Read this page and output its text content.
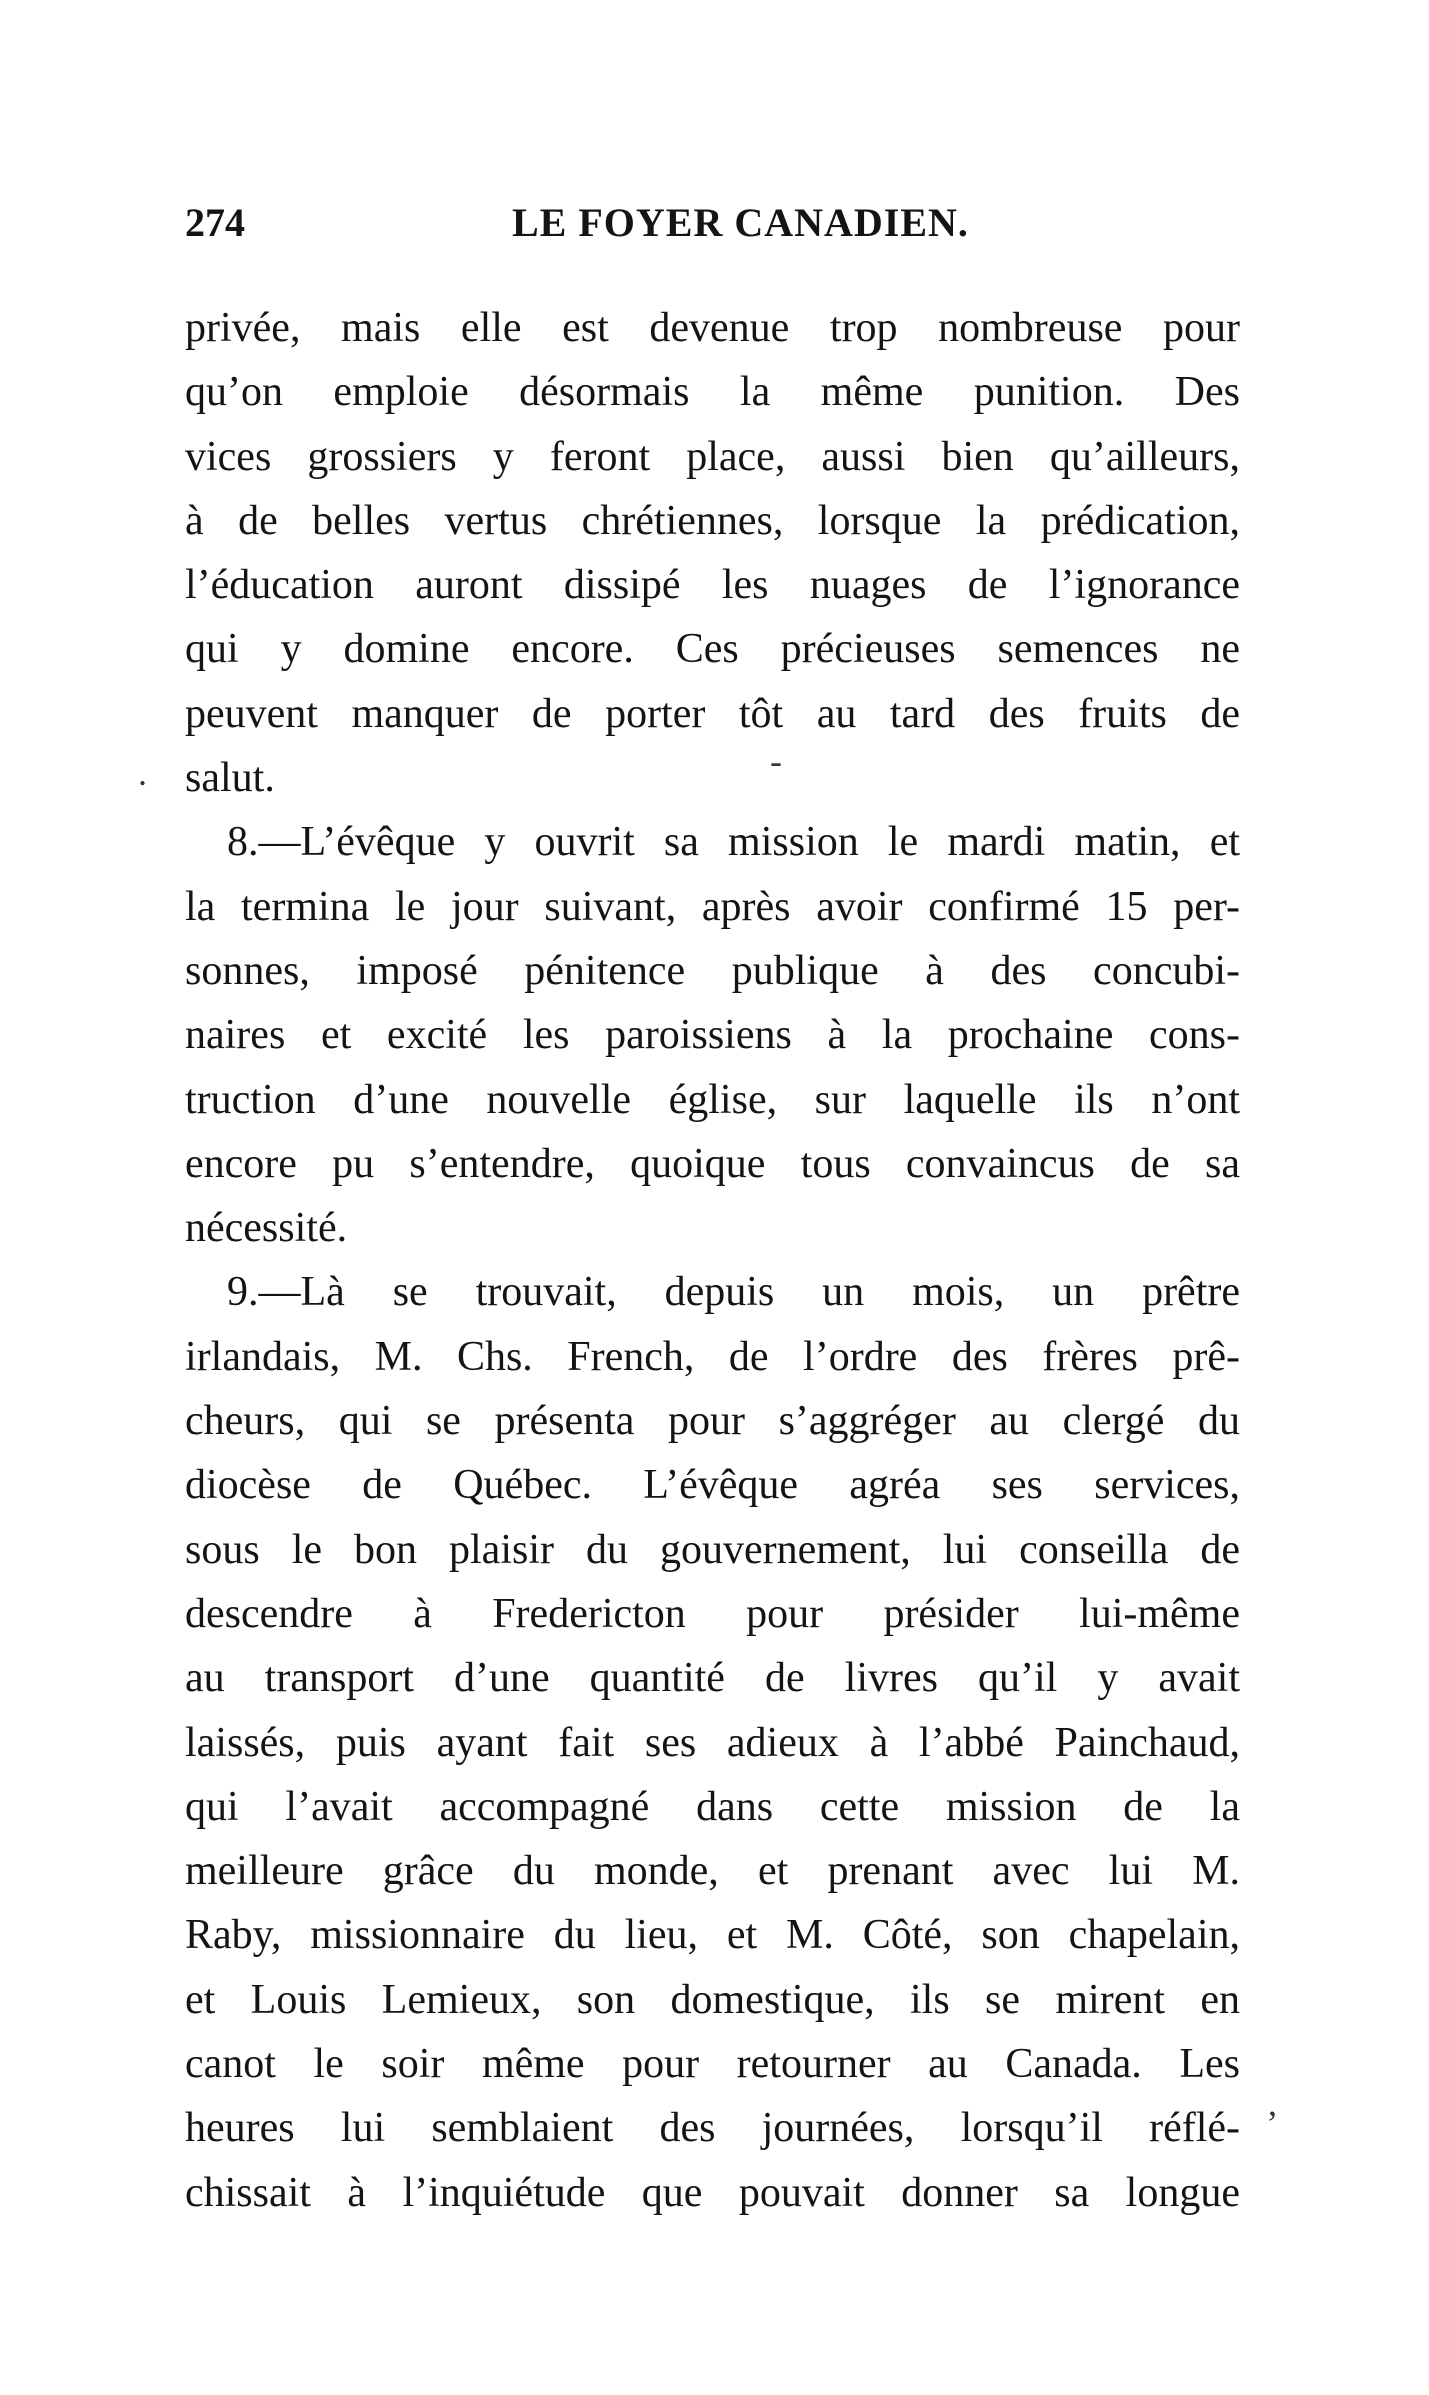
274	LE FOYER CANADIEN.
privée, mais elle est devenue trop nombreuse pour
qu’on emploie désormais la même punition. Des
vices grossiers y feront place, aussi bien qu’ailleurs,
à de belles vertus chrétiennes, lorsque la prédication,
l’éducation auront dissipé les nuages de l’ignorance
qui y domine encore. Ces précieuses semences ne
peuvent manquer de porter tôt au tard des fruits de
salut.
8.—L’évêque y ouvrit sa mission le mardi matin, et
la termina le jour suivant, après avoir confirmé 15 per-
sonnes, imposé pénitence publique à des concubi-
naires et excité les paroissiens à la prochaine cons-
truction d’une nouvelle église, sur laquelle ils n’ont
encore pu s’entendre, quoique tous convaincus de sa
nécessité.
9.—Là se trouvait, depuis un mois, un prêtre
irlandais, M. Chs. French, de l’ordre des frères prê-
cheurs, qui se présenta pour s’aggréger au clergé du
diocèse de Québec. L’évêque agréa ses services,
sous le bon plaisir du gouvernement, lui conseilla de
descendre à Fredericton pour présider lui-même
au transport d’une quantité de livres qu’il y avait
laissés, puis ayant fait ses adieux à l’abbé Painchaud,
qui l’avait accompagné dans cette mission de la
meilleure grâce du monde, et prenant avec lui M.
Raby, missionnaire du lieu, et M. Côté, son chapelain,
et Louis Lemieux, son domestique, ils se mirent en
canot le soir même pour retourner au Canada. Les
heures lui semblaient des journées, lorsqu’il réflé-
chissait à l’inquiétude que pouvait donner sa longue
.	-
,
